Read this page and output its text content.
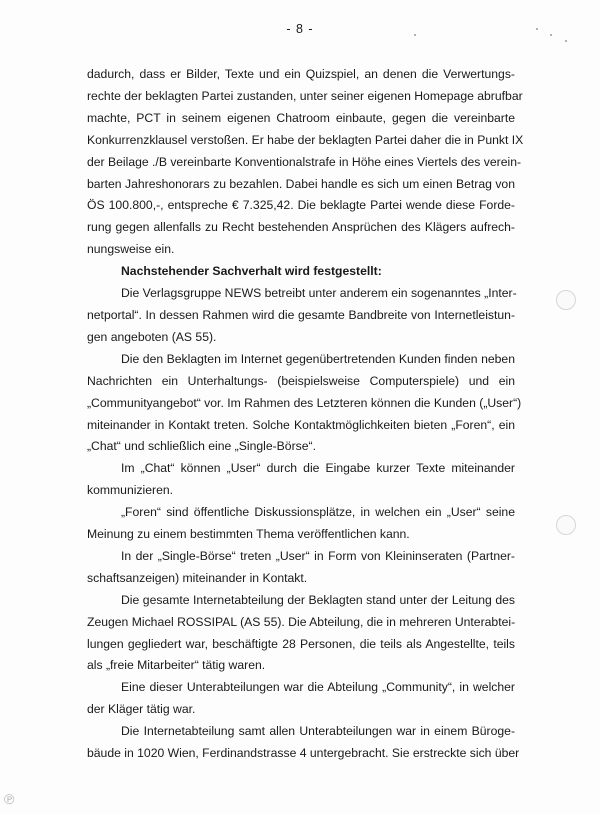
- 8 -
dadurch, dass er Bilder, Texte und ein Quizspiel, an denen die Verwertungs-
rechte der beklagten Partei zustanden, unter seiner eigenen Homepage abrufbar
machte, PCT in seinem eigenen Chatroom einbaute, gegen die vereinbarte
Konkurrenzklausel verstoßen. Er habe der beklagten Partei daher die in Punkt IX
der Beilage ./B vereinbarte Konventionalstrafe in Höhe eines Viertels des verein-
barten Jahreshonorars zu bezahlen. Dabei handle es sich um einen Betrag von
ÖS 100.800,-, entspreche € 7.325,42. Die beklagte Partei wende diese Forde-
rung gegen allenfalls zu Recht bestehenden Ansprüchen des Klägers aufrech-
nungsweise ein.
Nachstehender Sachverhalt wird festgestellt:
Die Verlagsgruppe NEWS betreibt unter anderem ein sogenanntes „Inter-
netportal“. In dessen Rahmen wird die gesamte Bandbreite von Internetleistun-
gen angeboten (AS 55).
Die den Beklagten im Internet gegenübertretenden Kunden finden neben
Nachrichten ein Unterhaltungs- (beispielsweise Computerspiele) und ein
„Communityangebot“ vor. Im Rahmen des Letzteren können die Kunden („User“)
miteinander in Kontakt treten. Solche Kontaktmöglichkeiten bieten „Foren“, ein
„Chat“ und schließlich eine „Single-Börse“.
Im „Chat“ können „User“ durch die Eingabe kurzer Texte miteinander
kommunizieren.
„Foren“ sind öffentliche Diskussionsplätze, in welchen ein „User“ seine
Meinung zu einem bestimmten Thema veröffentlichen kann.
In der „Single-Börse“ treten „User“ in Form von Kleininseraten (Partner-
schaftsanzeigen) miteinander in Kontakt.
Die gesamte Internetabteilung der Beklagten stand unter der Leitung des
Zeugen Michael ROSSIPAL (AS 55). Die Abteilung, die in mehreren Unterabtei-
lungen gegliedert war, beschäftigte 28 Personen, die teils als Angestellte, teils
als „freie Mitarbeiter“ tätig waren.
Eine dieser Unterabteilungen war die Abteilung „Community“, in welcher
der Kläger tätig war.
Die Internetabteilung samt allen Unterabteilungen war in einem Büroge-
bäude in 1020 Wien, Ferdinandstrasse 4 untergebracht. Sie erstreckte sich über
℗
